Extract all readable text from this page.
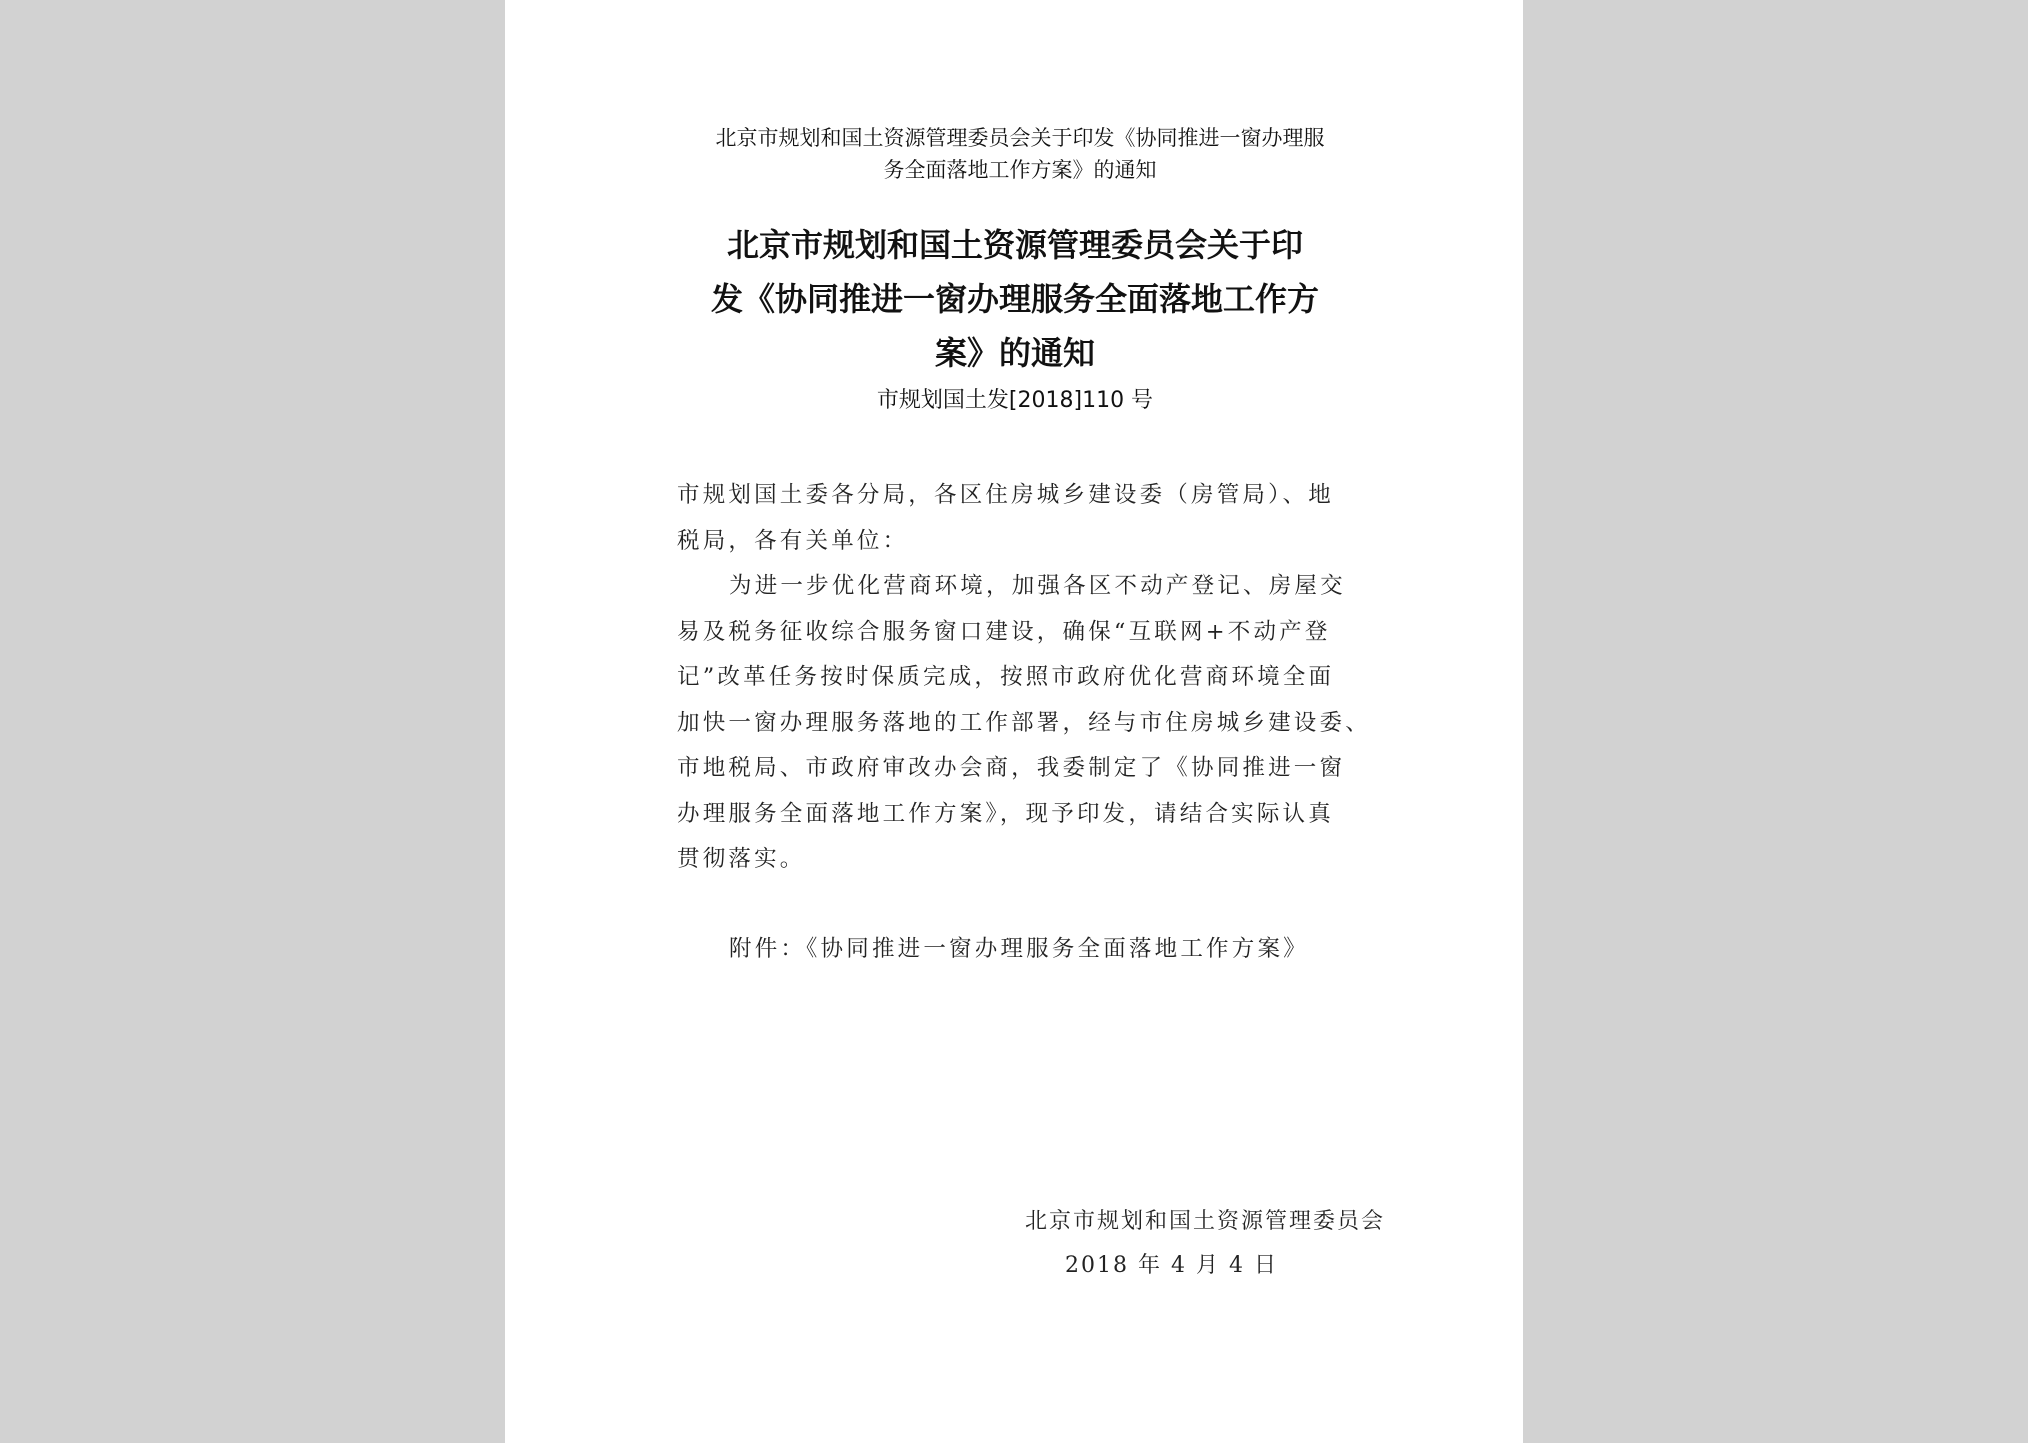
北京市规划和国土资源管理委员会关于印发《协同推进一窗办理服
务全面落地工作方案》的通知
北京市规划和国土资源管理委员会关于印
发《协同推进一窗办理服务全面落地工作方
案》的通知
市规划国土发[2018]110 号
市规划国土委各分局，各区住房城乡建设委（房管局）、地
税局，各有关单位：
为进一步优化营商环境，加强各区不动产登记、房屋交
易及税务征收综合服务窗口建设，确保“互联网+不动产登
记”改革任务按时保质完成，按照市政府优化营商环境全面
加快一窗办理服务落地的工作部署，经与市住房城乡建设委、
市地税局、市政府审改办会商，我委制定了《协同推进一窗
办理服务全面落地工作方案》，现予印发，请结合实际认真
贯彻落实。
附件：《协同推进一窗办理服务全面落地工作方案》
北京市规划和国土资源管理委员会
2018 年 4 月 4 日
